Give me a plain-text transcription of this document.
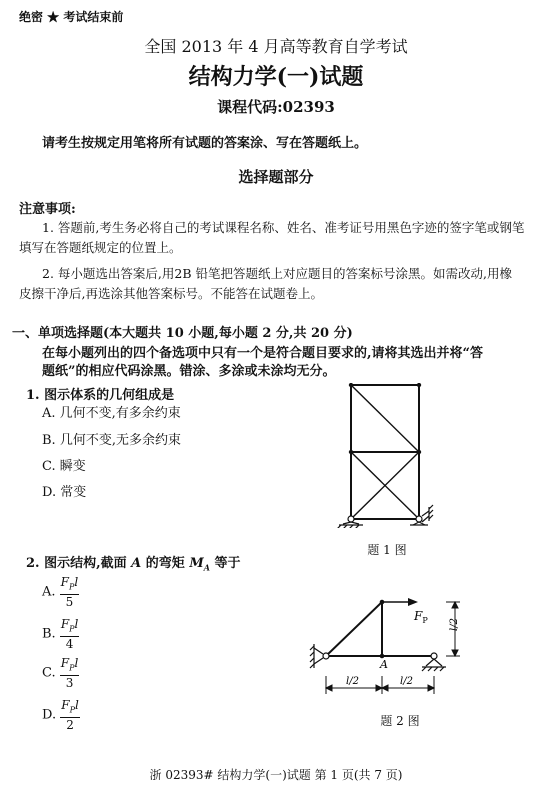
绝密 ★ 考试结束前
全国 2013 年 4 月高等教育自学考试
结构力学(一)试题
课程代码:02393
请考生按规定用笔将所有试题的答案涂、写在答题纸上。
选择题部分
注意事项:
1. 答题前,考生务必将自己的考试课程名称、姓名、准考证号用黑色字迹的签字笔或钢笔
填写在答题纸规定的位置上。
2. 每小题选出答案后,用2B 铅笔把答题纸上对应题目的答案标号涂黑。如需改动,用橡
皮擦干净后,再选涂其他答案标号。不能答在试题卷上。
一、单项选择题(本大题共 10 小题,每小题 2 分,共 20 分)
在每小题列出的四个备选项中只有一个是符合题目要求的,请将其选出并将“答
题纸”的相应代码涂黑。错涂、多涂或未涂均无分。
1. 图示体系的几何组成是
A. 几何不变,有多余约束
B. 几何不变,无多余约束
C. 瞬变
D. 常变
题 1 图
2. 图示结构,截面 A 的弯矩 $M_A$ 等于
A. $\frac{F_Pl}{5}$
B. $\frac{F_Pl}{4}$
C. $\frac{F_Pl}{3}$
D. $\frac{F_Pl}{2}$
$F_P$
A
l/2
l/2	l/2
题 2 图
浙 02393# 结构力学(一)试题 第 1 页(共 7 页)
